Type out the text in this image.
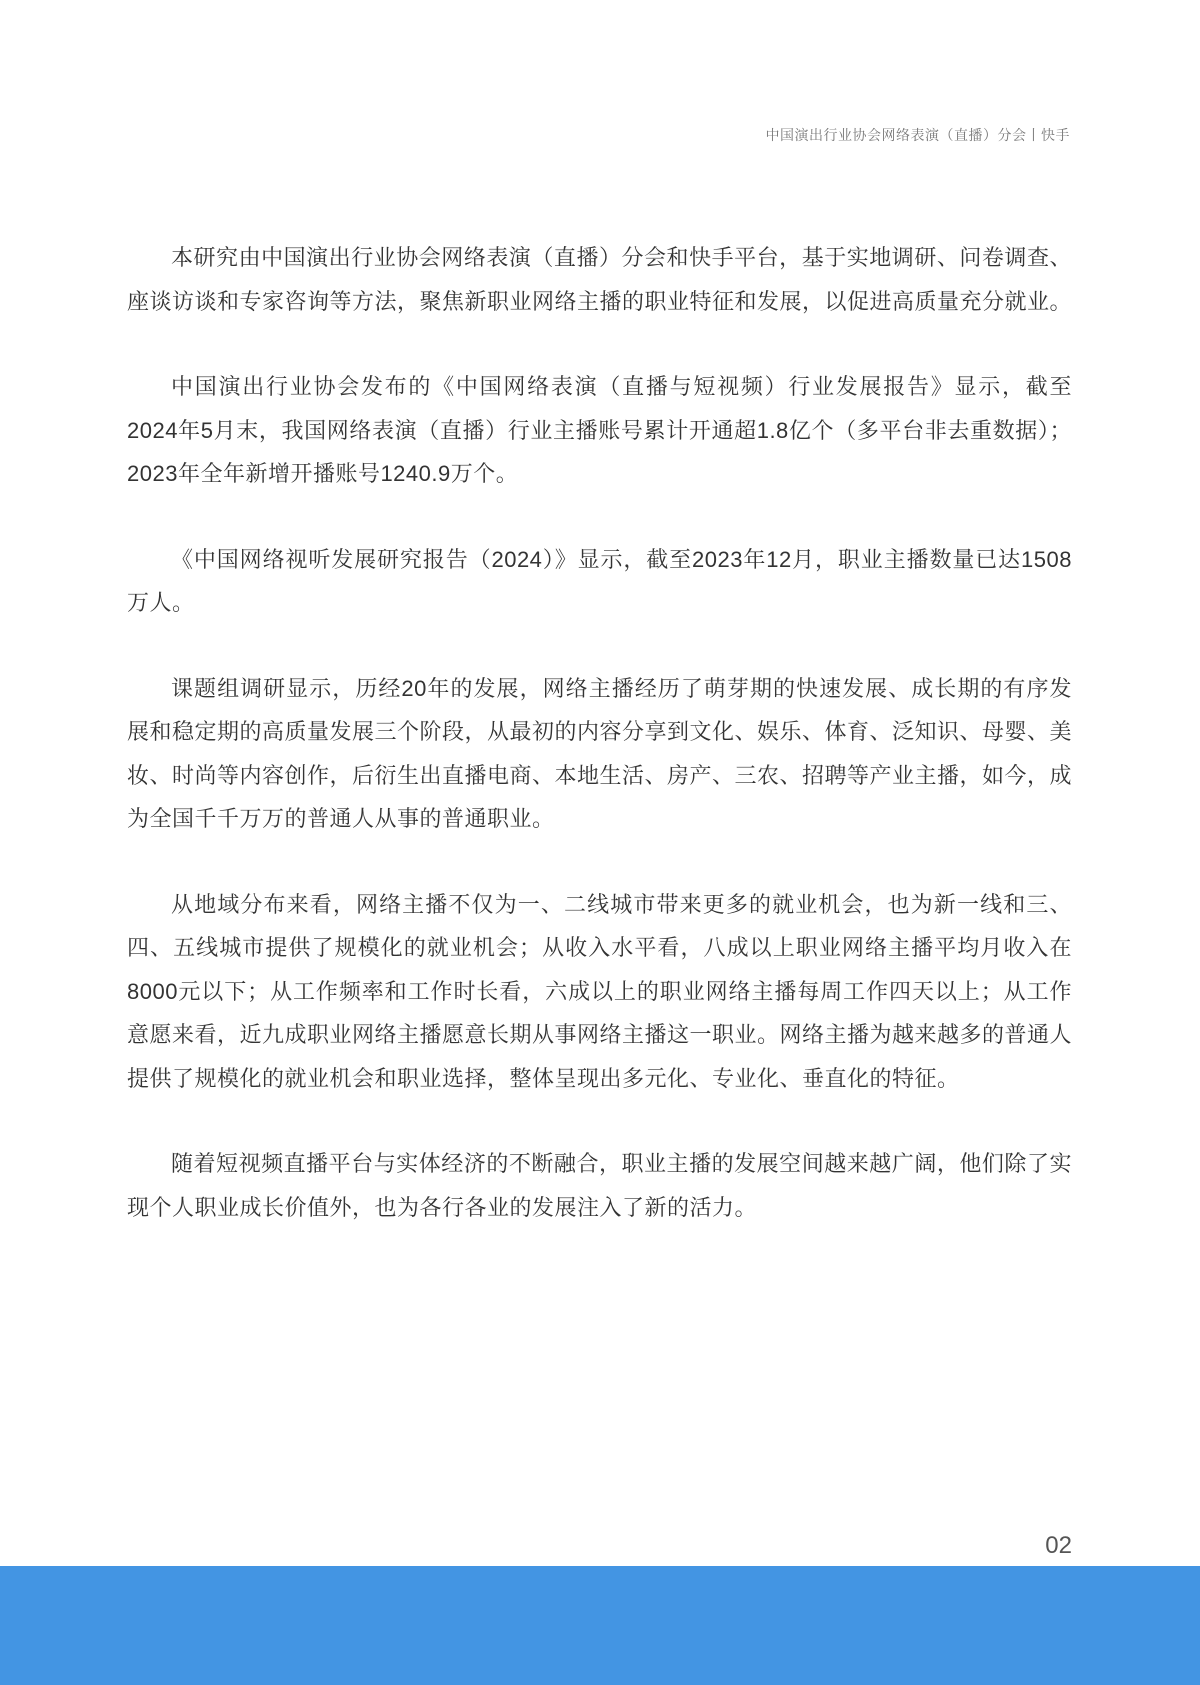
中国演出行业协会网络表演（直播）分会丨快手

本研究由中国演出行业协会网络表演（直播）分会和快手平台，基于实地调研、问卷调查、座谈访谈和专家咨询等方法，聚焦新职业网络主播的职业特征和发展，以促进高质量充分就业。

中国演出行业协会发布的《中国网络表演（直播与短视频）行业发展报告》显示，截至2024年5月末，我国网络表演（直播）行业主播账号累计开通超1.8亿个（多平台非去重数据）；2023年全年新增开播账号1240.9万个。

《中国网络视听发展研究报告（2024）》显示，截至2023年12月，职业主播数量已达1508万人。

课题组调研显示，历经20年的发展，网络主播经历了萌芽期的快速发展、成长期的有序发展和稳定期的高质量发展三个阶段，从最初的内容分享到文化、娱乐、体育、泛知识、母婴、美妆、时尚等内容创作，后衍生出直播电商、本地生活、房产、三农、招聘等产业主播，如今，成为全国千千万万的普通人从事的普通职业。

从地域分布来看，网络主播不仅为一、二线城市带来更多的就业机会，也为新一线和三、四、五线城市提供了规模化的就业机会；从收入水平看，八成以上职业网络主播平均月收入在8000元以下；从工作频率和工作时长看，六成以上的职业网络主播每周工作四天以上；从工作意愿来看，近九成职业网络主播愿意长期从事网络主播这一职业。网络主播为越来越多的普通人提供了规模化的就业机会和职业选择，整体呈现出多元化、专业化、垂直化的特征。

随着短视频直播平台与实体经济的不断融合，职业主播的发展空间越来越广阔，他们除了实现个人职业成长价值外，也为各行各业的发展注入了新的活力。

02
